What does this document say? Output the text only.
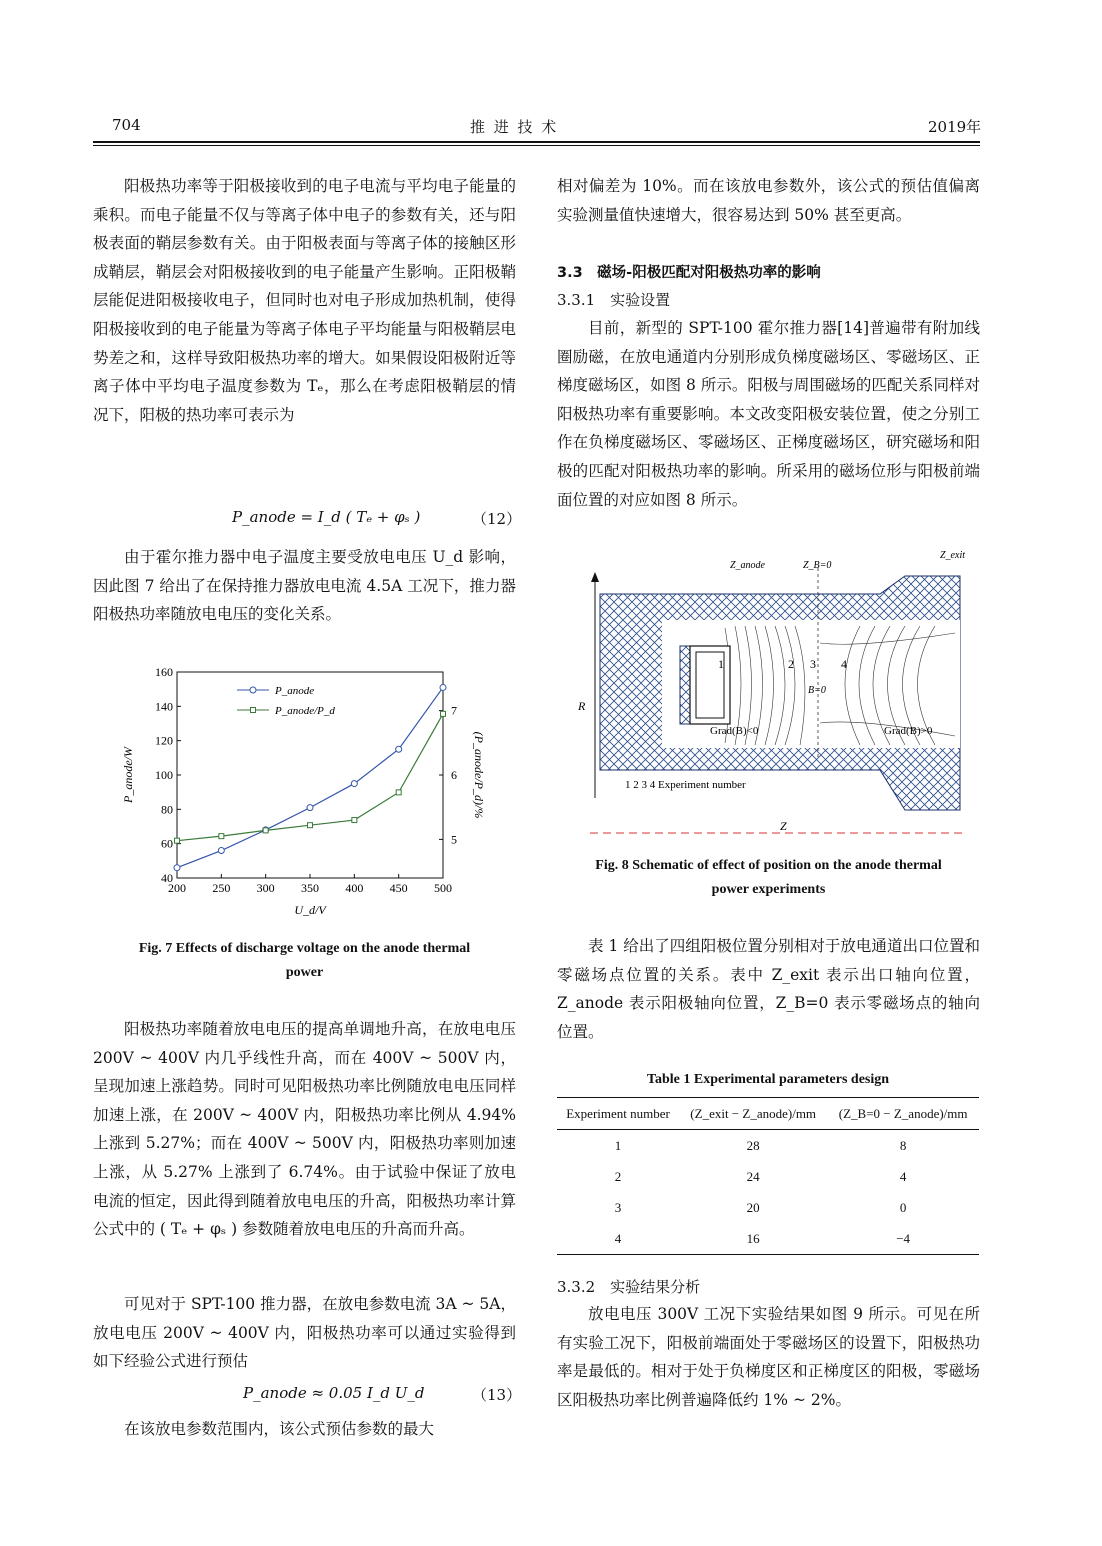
704	推 进 技 术	2019年

阳极热功率等于阳极接收到的电子电流与平均电子能量的乘积。而电子能量不仅与等离子体中电子的参数有关，还与阳极表面的鞘层参数有关。由于阳极表面与等离子体的接触区形成鞘层，鞘层会对阳极接收到的电子能量产生影响。正阳极鞘层能促进阳极接收电子，但同时也对电子形成加热机制，使得阳极接收到的电子能量为等离子体电子平均能量与阳极鞘层电势差之和，这样导致阳极热功率的增大。如果假设阳极附近等离子体中平均电子温度参数为 Tₑ，那么在考虑阳极鞘层的情况下，阳极的热功率可表示为

P_anode = I_d ( Tₑ + φₛ )	（12）

由于霍尔推力器中电子温度主要受放电电压 U_d 影响，因此图 7 给出了在保持推力器放电电流 4.5A 工况下，推力器阳极热功率随放电电压的变化关系。

200 250 300 350 400 450 500
40
60
80
100
120
140
160
5
6
7
U_d/V
P_anode/W	(P_anode/P_d)/%
P_anode
P_anode/P_d
Fig. 7 Effects of discharge voltage on the anode thermal
power

阳极热功率随着放电电压的提高单调地升高，在放电电压 200V ~ 400V 内几乎线性升高，而在 400V ~ 500V 内，呈现加速上涨趋势。同时可见阳极热功率比例随放电电压同样加速上涨，在 200V ~ 400V 内，阳极热功率比例从 4.94% 上涨到 5.27%；而在 400V ~ 500V 内，阳极热功率则加速上涨，从 5.27% 上涨到了 6.74%。由于试验中保证了放电电流的恒定，因此得到随着放电电压的升高，阳极热功率计算公式中的 ( Tₑ + φₛ ) 参数随着放电电压的升高而升高。

可见对于 SPT-100 推力器，在放电参数电流 3A ~ 5A，放电电压 200V ~ 400V 内，阳极热功率可以通过实验得到如下经验公式进行预估

P_anode ≈ 0.05 I_d U_d	（13）

在该放电参数范围内，该公式预估参数的最大

相对偏差为 10%。而在该放电参数外，该公式的预估值偏离实验测量值快速增大，很容易达到 50% 甚至更高。

3.3　磁场-阳极匹配对阳极热功率的影响
3.3.1　实验设置

目前，新型的 SPT-100 霍尔推力器[14]普遍带有附加线圈励磁，在放电通道内分别形成负梯度磁场区、零磁场区、正梯度磁场区，如图 8 所示。阳极与周围磁场的匹配关系同样对阳极热功率有重要影响。本文改变阳极安装位置，使之分别工作在负梯度磁场区、零磁场区、正梯度磁场区，研究磁场和阳极的匹配对阳极热功率的影响。所采用的磁场位形与阳极前端面位置的对应如图 8 所示。

Z_anode	Z_B=0
Z_exit
R
Z
1	2 3 4
B=0
Grad(B)<0	Grad(B)>0
1 2 3 4 Experiment number
Fig. 8 Schematic of effect of position on the anode thermal
power experiments

表 1 给出了四组阳极位置分别相对于放电通道出口位置和零磁场点位置的关系。表中 Z_exit 表示出口轴向位置，Z_anode 表示阳极轴向位置，Z_B=0 表示零磁场点的轴向位置。

Table 1 Experimental parameters design
Experiment number	(Z_exit − Z_anode)/mm	(Z_B=0 − Z_anode)/mm
1	28	8
2	24	4
3	20	0
4	16	−4
3.3.2　实验结果分析

放电电压 300V 工况下实验结果如图 9 所示。可见在所有实验工况下，阳极前端面处于零磁场区的设置下，阳极热功率是最低的。相对于处于负梯度区和正梯度区的阳极，零磁场区阳极热功率比例普遍降低约 1% ~ 2%。
